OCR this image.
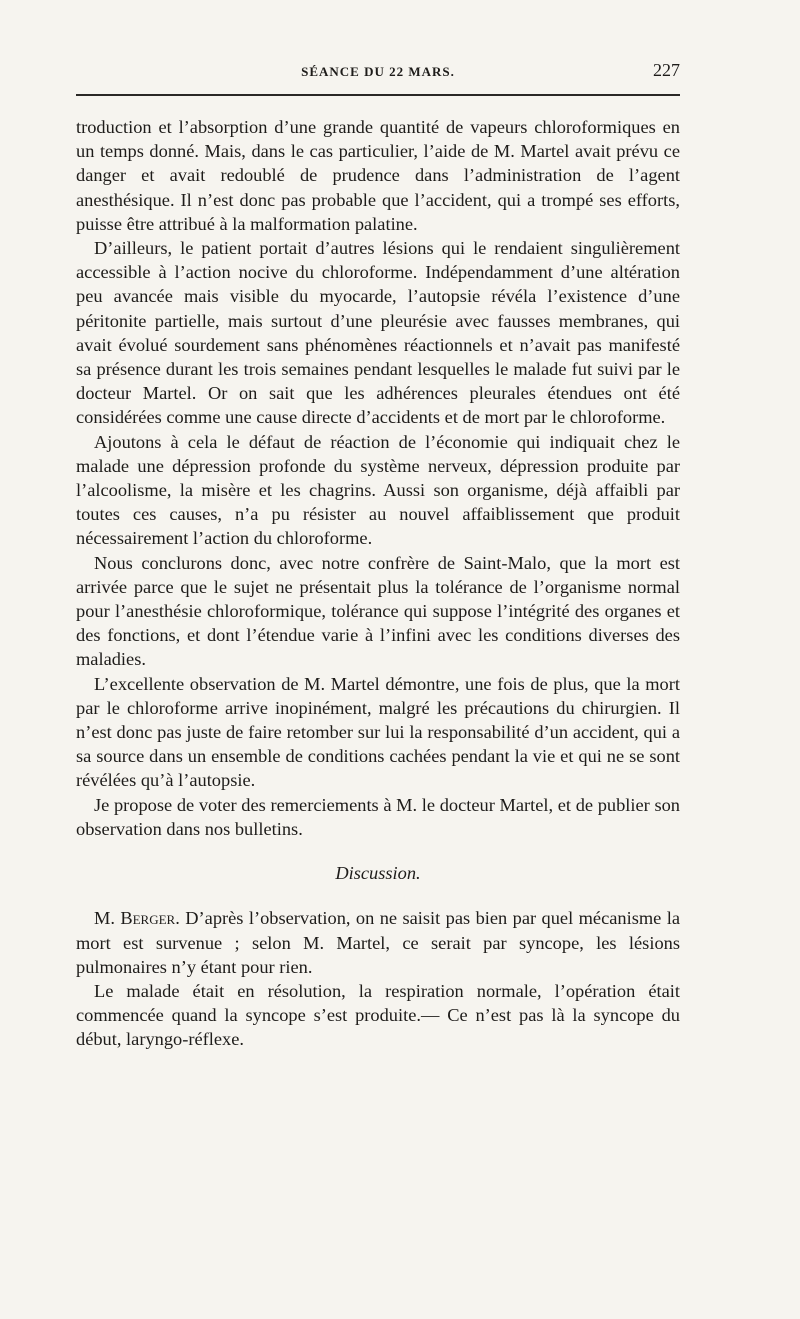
SÉANCE DU 22 MARS.	227

troduction et l’absorption d’une grande quantité de vapeurs chloroformiques en un temps donné. Mais, dans le cas particulier, l’aide de M. Martel avait prévu ce danger et avait redoublé de prudence dans l’administration de l’agent anesthésique. Il n’est donc pas probable que l’accident, qui a trompé ses efforts, puisse être attribué à la malformation palatine.

D’ailleurs, le patient portait d’autres lésions qui le rendaient singulièrement accessible à l’action nocive du chloroforme. Indépendamment d’une altération peu avancée mais visible du myocarde, l’autopsie révéla l’existence d’une péritonite partielle, mais surtout d’une pleurésie avec fausses membranes, qui avait évolué sourdement sans phénomènes réactionnels et n’avait pas manifesté sa présence durant les trois semaines pendant lesquelles le malade fut suivi par le docteur Martel. Or on sait que les adhérences pleurales étendues ont été considérées comme une cause directe d’accidents et de mort par le chloroforme.

Ajoutons à cela le défaut de réaction de l’économie qui indiquait chez le malade une dépression profonde du système nerveux, dépression produite par l’alcoolisme, la misère et les chagrins. Aussi son organisme, déjà affaibli par toutes ces causes, n’a pu résister au nouvel affaiblissement que produit nécessairement l’action du chloroforme.

Nous conclurons donc, avec notre confrère de Saint-Malo, que la mort est arrivée parce que le sujet ne présentait plus la tolérance de l’organisme normal pour l’anesthésie chloroformique, tolérance qui suppose l’intégrité des organes et des fonctions, et dont l’étendue varie à l’infini avec les conditions diverses des maladies.

L’excellente observation de M. Martel démontre, une fois de plus, que la mort par le chloroforme arrive inopinément, malgré les précautions du chirurgien. Il n’est donc pas juste de faire retomber sur lui la responsabilité d’un accident, qui a sa source dans un ensemble de conditions cachées pendant la vie et qui ne se sont révélées qu’à l’autopsie.

Je propose de voter des remerciements à M. le docteur Martel, et de publier son observation dans nos bulletins.

Discussion.

M. Berger. D’après l’observation, on ne saisit pas bien par quel mécanisme la mort est survenue ; selon M. Martel, ce serait par syncope, les lésions pulmonaires n’y étant pour rien.

Le malade était en résolution, la respiration normale, l’opération était commencée quand la syncope s’est produite.— Ce n’est pas là la syncope du début, laryngo-réflexe.
